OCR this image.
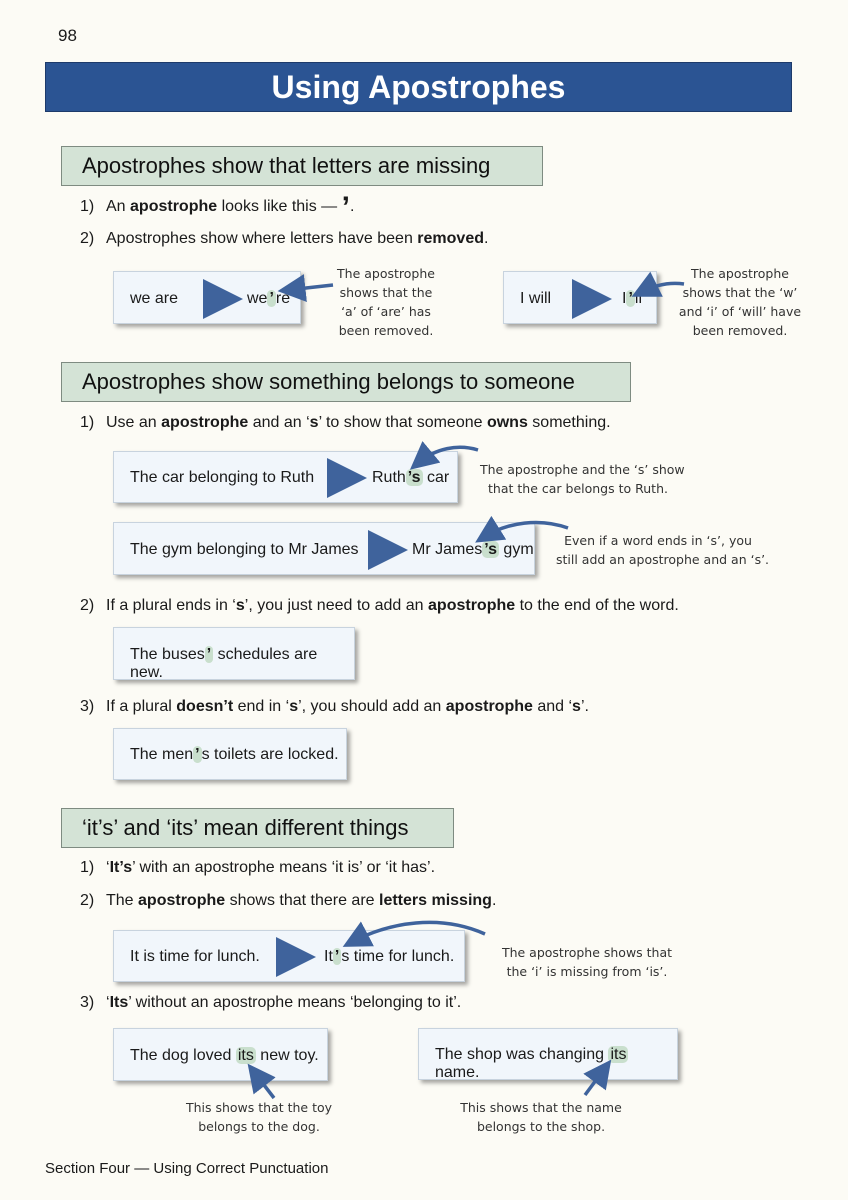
98
Using Apostrophes
Apostrophes show that letters are missing
1) An apostrophe looks like this — ’.
2) Apostrophes show where letters have been removed.
we are	we ’ re
The apostrophe
shows that the
‘a’ of ‘are’ has
been removed.
I will	I ’ ll
The apostrophe
shows that the ‘w’
and ‘i’ of ‘will’ have
been removed.
Apostrophes show something belongs to someone
1) Use an apostrophe and an ‘s’ to show that someone owns something.
The car belonging to Ruth	Ruth ’s car The apostrophe and the ‘s’ show
that the car belongs to Ruth.
The gym belonging to Mr James	Mr James ’s gym
Even if a word ends in ‘s’, you
still add an apostrophe and an ‘s’.
2) If a plural ends in ‘s’, you just need to add an apostrophe to the end of the word.
The buses ’ schedules are new.
3) If a plural doesn’t end in ‘s’, you should add an apostrophe and ‘s’.
The men ’ s toilets are locked.
‘it’s’ and ‘its’ mean different things
1) ‘It’s’ with an apostrophe means ‘it is’ or ‘it has’.
2) The apostrophe shows that there are letters missing.
It is time for lunch.	It ’ s time for lunch.	The apostrophe shows that
the ‘i’ is missing from ‘is’.
3) ‘Its’ without an apostrophe means ‘belonging to it’.
The dog loved its new toy.
This shows that the toy
belongs to the dog.
The shop was changing its name.
This shows that the name
belongs to the shop.
Section Four — Using Correct Punctuation
